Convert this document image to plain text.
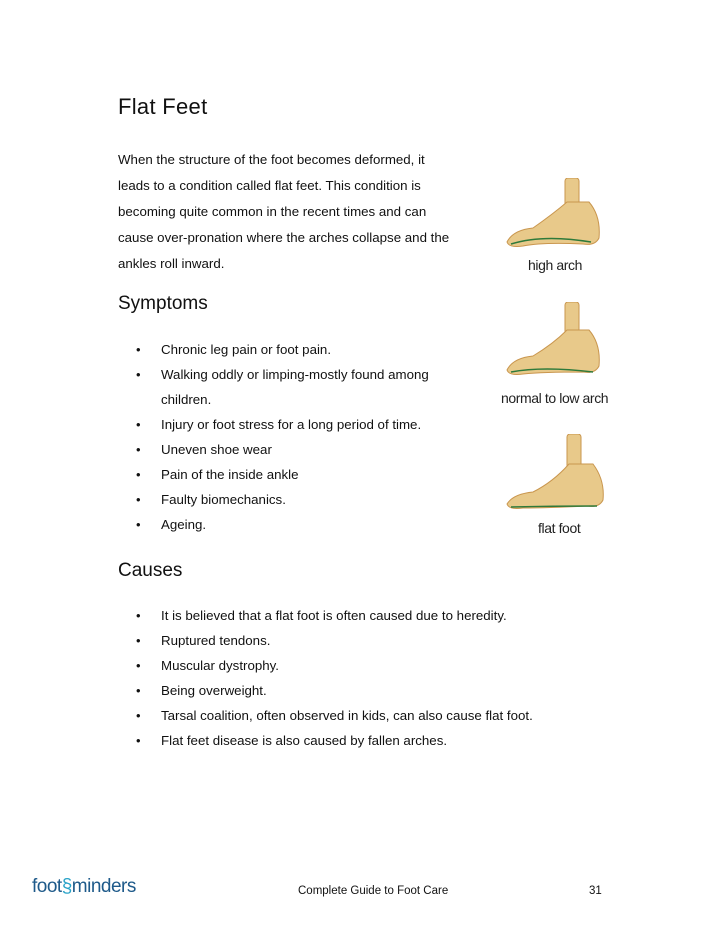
Flat Feet
When the structure of the foot becomes deformed, it
leads to a condition called flat feet. This condition is
becoming quite common in the recent times and can
cause over-pronation where the arches collapse and the
ankles roll inward.
Symptoms
• Chronic leg pain or foot pain.
• Walking oddly or limping-mostly found among children.
• Injury or foot stress for a long period of time.
• Uneven shoe wear
• Pain of the inside ankle
• Faulty biomechanics.
• Ageing.
Causes
• It is believed that a flat foot is often caused due to heredity.
• Ruptured tendons.
• Muscular dystrophy.
• Being overweight.
• Tarsal coalition, often observed in kids, can also cause flat foot.
• Flat feet disease is also caused by fallen arches.
high arch
normal to low arch
flat foot
foot§minders	Complete Guide to Foot Care	31
